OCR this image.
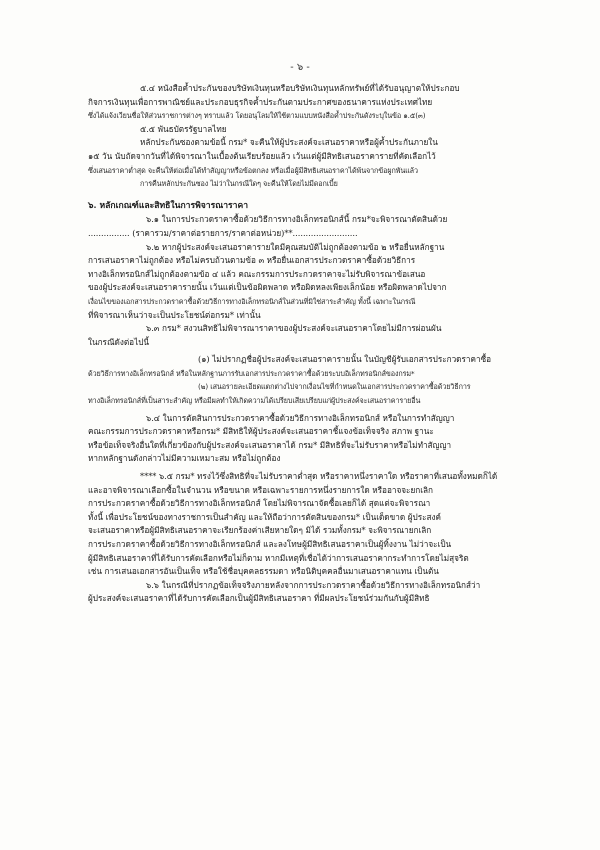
- ๖ -

๕.๔ หนังสือค้ำประกันของบริษัทเงินทุนหรือบริษัทเงินทุนหลักทรัพย์ที่ได้รับอนุญาตให้ประกอบ

กิจการเงินทุนเพื่อการพาณิชย์และประกอบธุรกิจค้ำประกันตามประกาศของธนาคารแห่งประเทศไทย

ซึ่งได้แจ้งเวียนชื่อให้ส่วนราชการต่างๆ ทราบแล้ว โดยอนุโลมให้ใช้ตามแบบหนังสือค้ำประกันดังระบุในข้อ ๑.๕(๓)

๕.๕ พันธบัตรรัฐบาลไทย

หลักประกันซองตามข้อนี้ กรม* จะคืนให้ผู้ประสงค์จะเสนอราคาหรือผู้ค้ำประกันภายใน

๑๕ วัน นับถัดจากวันที่ได้พิจารณาในเบื้องต้นเรียบร้อยแล้ว เว้นแต่ผู้มีสิทธิเสนอราคารายที่คัดเลือกไว้

ซึ่งเสนอราคาต่ำสุด จะคืนให้ต่อเมื่อได้ทำสัญญาหรือข้อตกลง หรือเมื่อผู้มีสิทธิเสนอราคาได้พ้นจากข้อผูกพันแล้ว

การคืนหลักประกันซอง ไม่ว่าในกรณีใดๆ จะคืนให้โดยไม่มีดอกเบี้ย

๖. หลักเกณฑ์และสิทธิในการพิจารณาราคา

๖.๑ ในการประกวดราคาซื้อด้วยวิธีการทางอิเล็กทรอนิกส์นี้ กรม*จะพิจารณาตัดสินด้วย

................ (ราคารวม/ราคาต่อรายการ/ราคาต่อหน่วย)**.........................

๖.๒ หากผู้ประสงค์จะเสนอราคารายใดมีคุณสมบัติไม่ถูกต้องตามข้อ ๒ หรือยื่นหลักฐาน

การเสนอราคาไม่ถูกต้อง หรือไม่ครบถ้วนตามข้อ ๓ หรือยื่นเอกสารประกวดราคาซื้อด้วยวิธีการ

ทางอิเล็กทรอนิกส์ไม่ถูกต้องตามข้อ ๔ แล้ว คณะกรรมการประกวดราคาจะไม่รับพิจารณาข้อเสนอ

ของผู้ประสงค์จะเสนอราคารายนั้น เว้นแต่เป็นข้อผิดพลาด หรือผิดหลงเพียงเล็กน้อย หรือผิดพลาดไปจาก

เงื่อนไขของเอกสารประกวดราคาซื้อด้วยวิธีการทางอิเล็กทรอนิกส์ในส่วนที่มิใช่สาระสำคัญ ทั้งนี้ เฉพาะในกรณี

ที่พิจารณาเห็นว่าจะเป็นประโยชน์ต่อกรม* เท่านั้น

๖.๓ กรม* สงวนสิทธิไม่พิจารณาราคาของผู้ประสงค์จะเสนอราคาโดยไม่มีการผ่อนผัน

ในกรณีดังต่อไปนี้

(๑) ไม่ปรากฏชื่อผู้ประสงค์จะเสนอราคารายนั้น ในบัญชีผู้รับเอกสารประกวดราคาซื้อ

ด้วยวิธีการทางอิเล็กทรอนิกส์ หรือในหลักฐานการรับเอกสารประกวดราคาซื้อด้วยระบบอิเล็กทรอนิกส์ของกรม*

(๒) เสนอรายละเอียดแตกต่างไปจากเงื่อนไขที่กำหนดในเอกสารประกวดราคาซื้อด้วยวิธีการ

ทางอิเล็กทรอนิกส์ที่เป็นสาระสำคัญ หรือมีผลทำให้เกิดความได้เปรียบเสียเปรียบแก่ผู้ประสงค์จะเสนอราคารายอื่น

๖.๔ ในการตัดสินการประกวดราคาซื้อด้วยวิธีการทางอิเล็กทรอนิกส์ หรือในการทำสัญญา

คณะกรรมการประกวดราคาหรือกรม* มีสิทธิให้ผู้ประสงค์จะเสนอราคาชี้แจงข้อเท็จจริง สภาพ ฐานะ

หรือข้อเท็จจริงอื่นใดที่เกี่ยวข้องกับผู้ประสงค์จะเสนอราคาได้ กรม* มีสิทธิที่จะไม่รับราคาหรือไม่ทำสัญญา

หากหลักฐานดังกล่าวไม่มีความเหมาะสม หรือไม่ถูกต้อง

**** ๖.๕ กรม* ทรงไว้ซึ่งสิทธิที่จะไม่รับราคาต่ำสุด หรือราคาหนึ่งราคาใด หรือราคาที่เสนอทั้งหมดก็ได้

และอาจพิจารณาเลือกซื้อในจำนวน หรือขนาด หรือเฉพาะรายการหนึ่งรายการใด หรืออาจจะยกเลิก

การประกวดราคาซื้อด้วยวิธีการทางอิเล็กทรอนิกส์ โดยไม่พิจารณาจัดซื้อเลยก็ได้ สุดแต่จะพิจารณา

ทั้งนี้ เพื่อประโยชน์ของทางราชการเป็นสำคัญ และให้ถือว่าการตัดสินของกรม* เป็นเด็ดขาด ผู้ประสงค์

จะเสนอราคาหรือผู้มีสิทธิเสนอราคาจะเรียกร้องค่าเสียหายใดๆ มิได้ รวมทั้งกรม* จะพิจารณายกเลิก

การประกวดราคาซื้อด้วยวิธีการทางอิเล็กทรอนิกส์ และลงโทษผู้มีสิทธิเสนอราคาเป็นผู้ทิ้งงาน ไม่ว่าจะเป็น

ผู้มีสิทธิเสนอราคาที่ได้รับการคัดเลือกหรือไม่ก็ตาม หากมีเหตุที่เชื่อได้ว่าการเสนอราคากระทำการโดยไม่สุจริต

เช่น การเสนอเอกสารอันเป็นเท็จ หรือใช้ชื่อบุคคลธรรมดา หรือนิติบุคคลอื่นมาเสนอราคาแทน เป็นต้น

๖.๖ ในกรณีที่ปรากฏข้อเท็จจริงภายหลังจากการประกวดราคาซื้อด้วยวิธีการทางอิเล็กทรอนิกส์ว่า

ผู้ประสงค์จะเสนอราคาที่ได้รับการคัดเลือกเป็นผู้มีสิทธิเสนอราคา ที่มีผลประโยชน์ร่วมกันกับผู้มีสิทธิ
